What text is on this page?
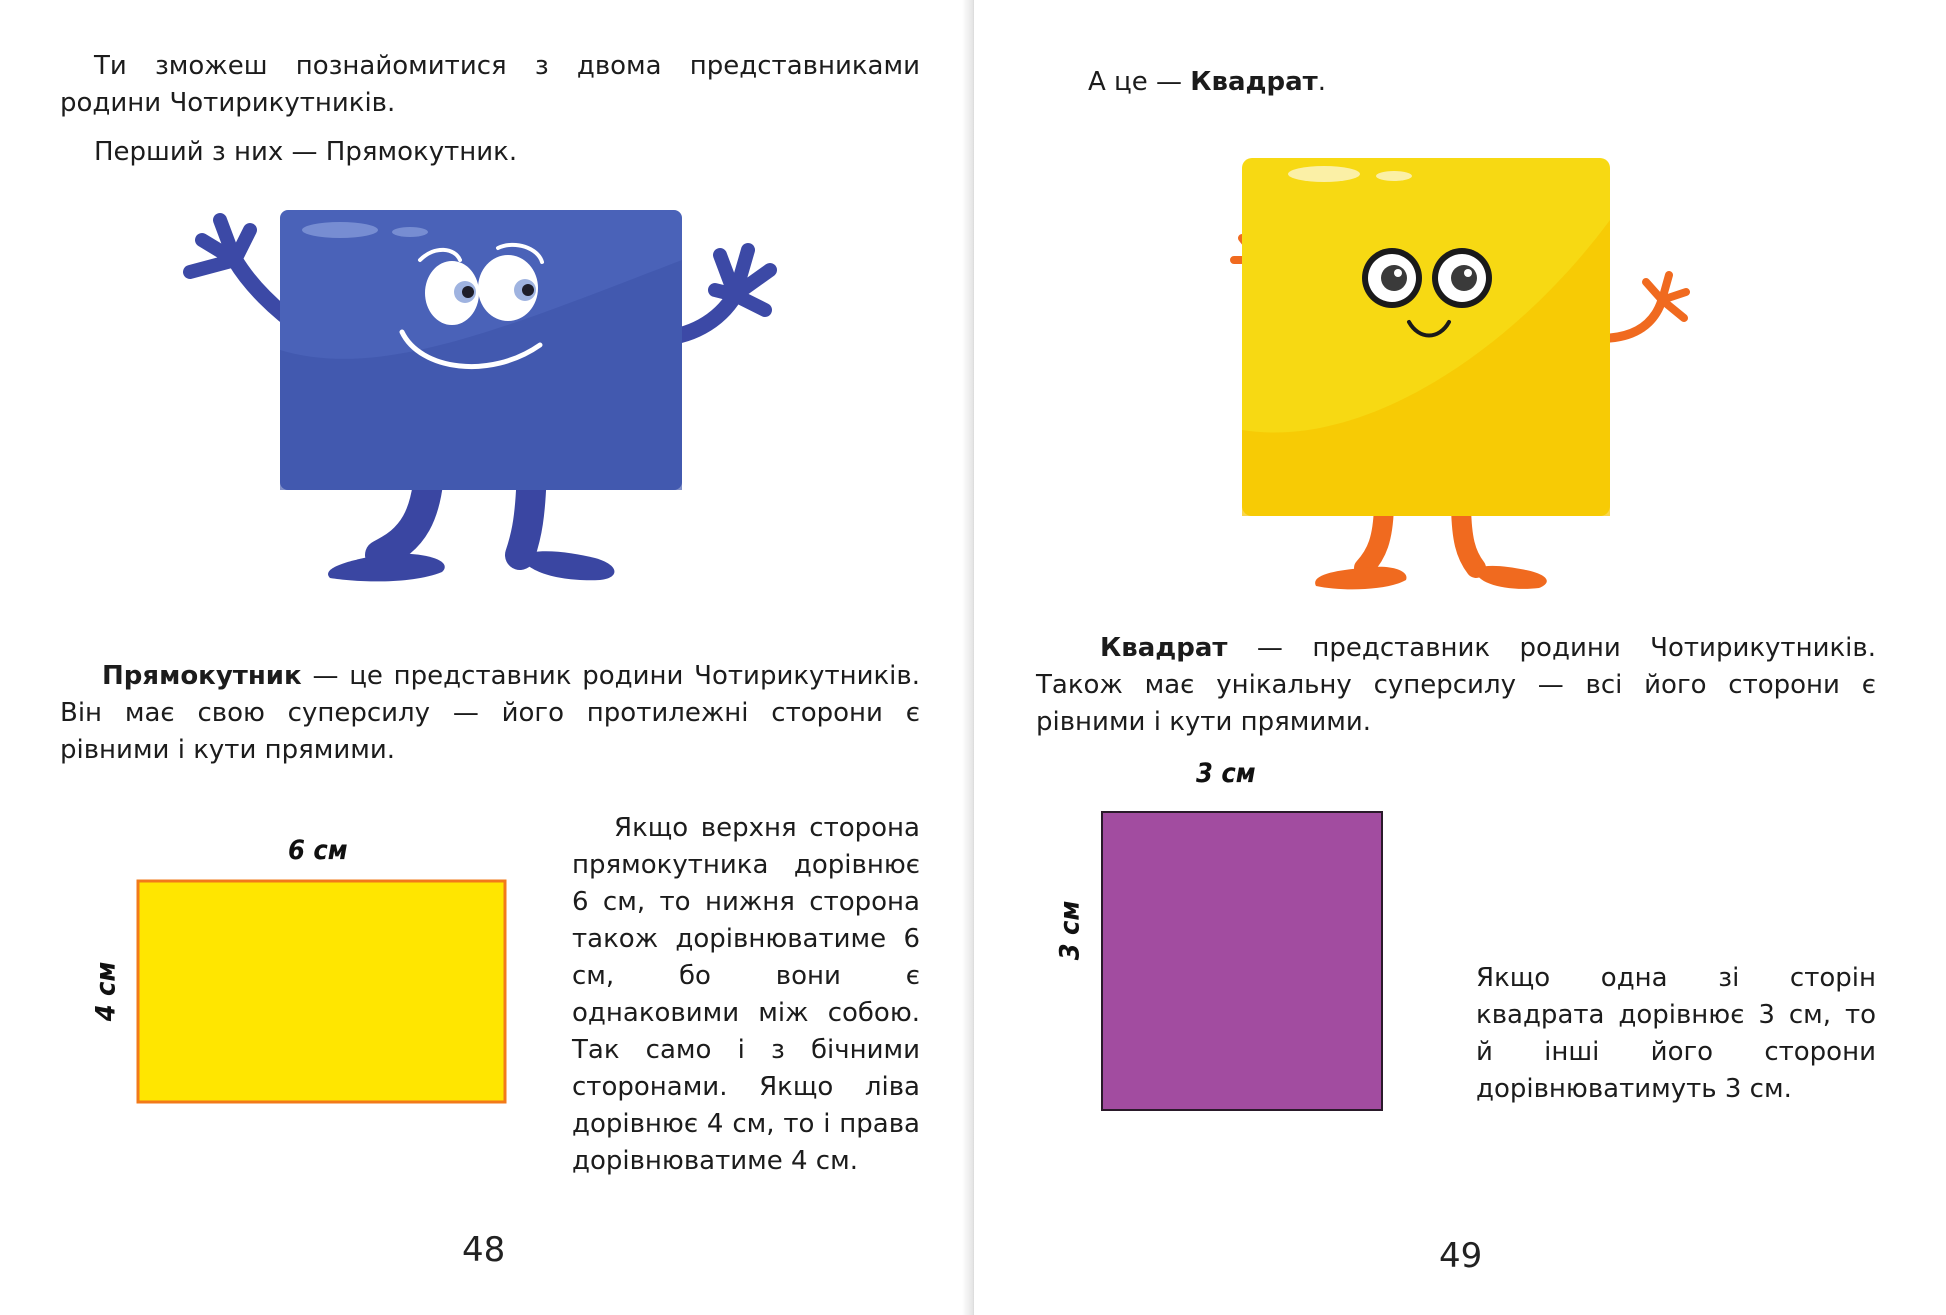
Ти зможеш познайомитися з двома представниками родини Чотирикутників.

Перший з них — Прямокутник.

Прямокутник — це представник родини Чотирикутників. Він має свою суперсилу — його протилежні сторони є рівними і кути прямими.

6 см
4 см

Якщо верхня сторона прямокутника дорівнює 6 см, то нижня сторона також дорівнюватиме 6 см, бо вони є однаковими між собою. Так само і з бічними сторонами. Якщо ліва дорівнює 4 см, то і права дорівнюватиме 4 см.

48

А це — Квадрат.

Квадрат — представник родини Чотирикутників. Також має унікальну суперсилу — всі його сторони є рівними і кути прямими.

3 см
3 см

Якщо одна зі сторін квадрата дорівнює 3 см, то й інші його сторони дорівнюватимуть 3 см.

49
